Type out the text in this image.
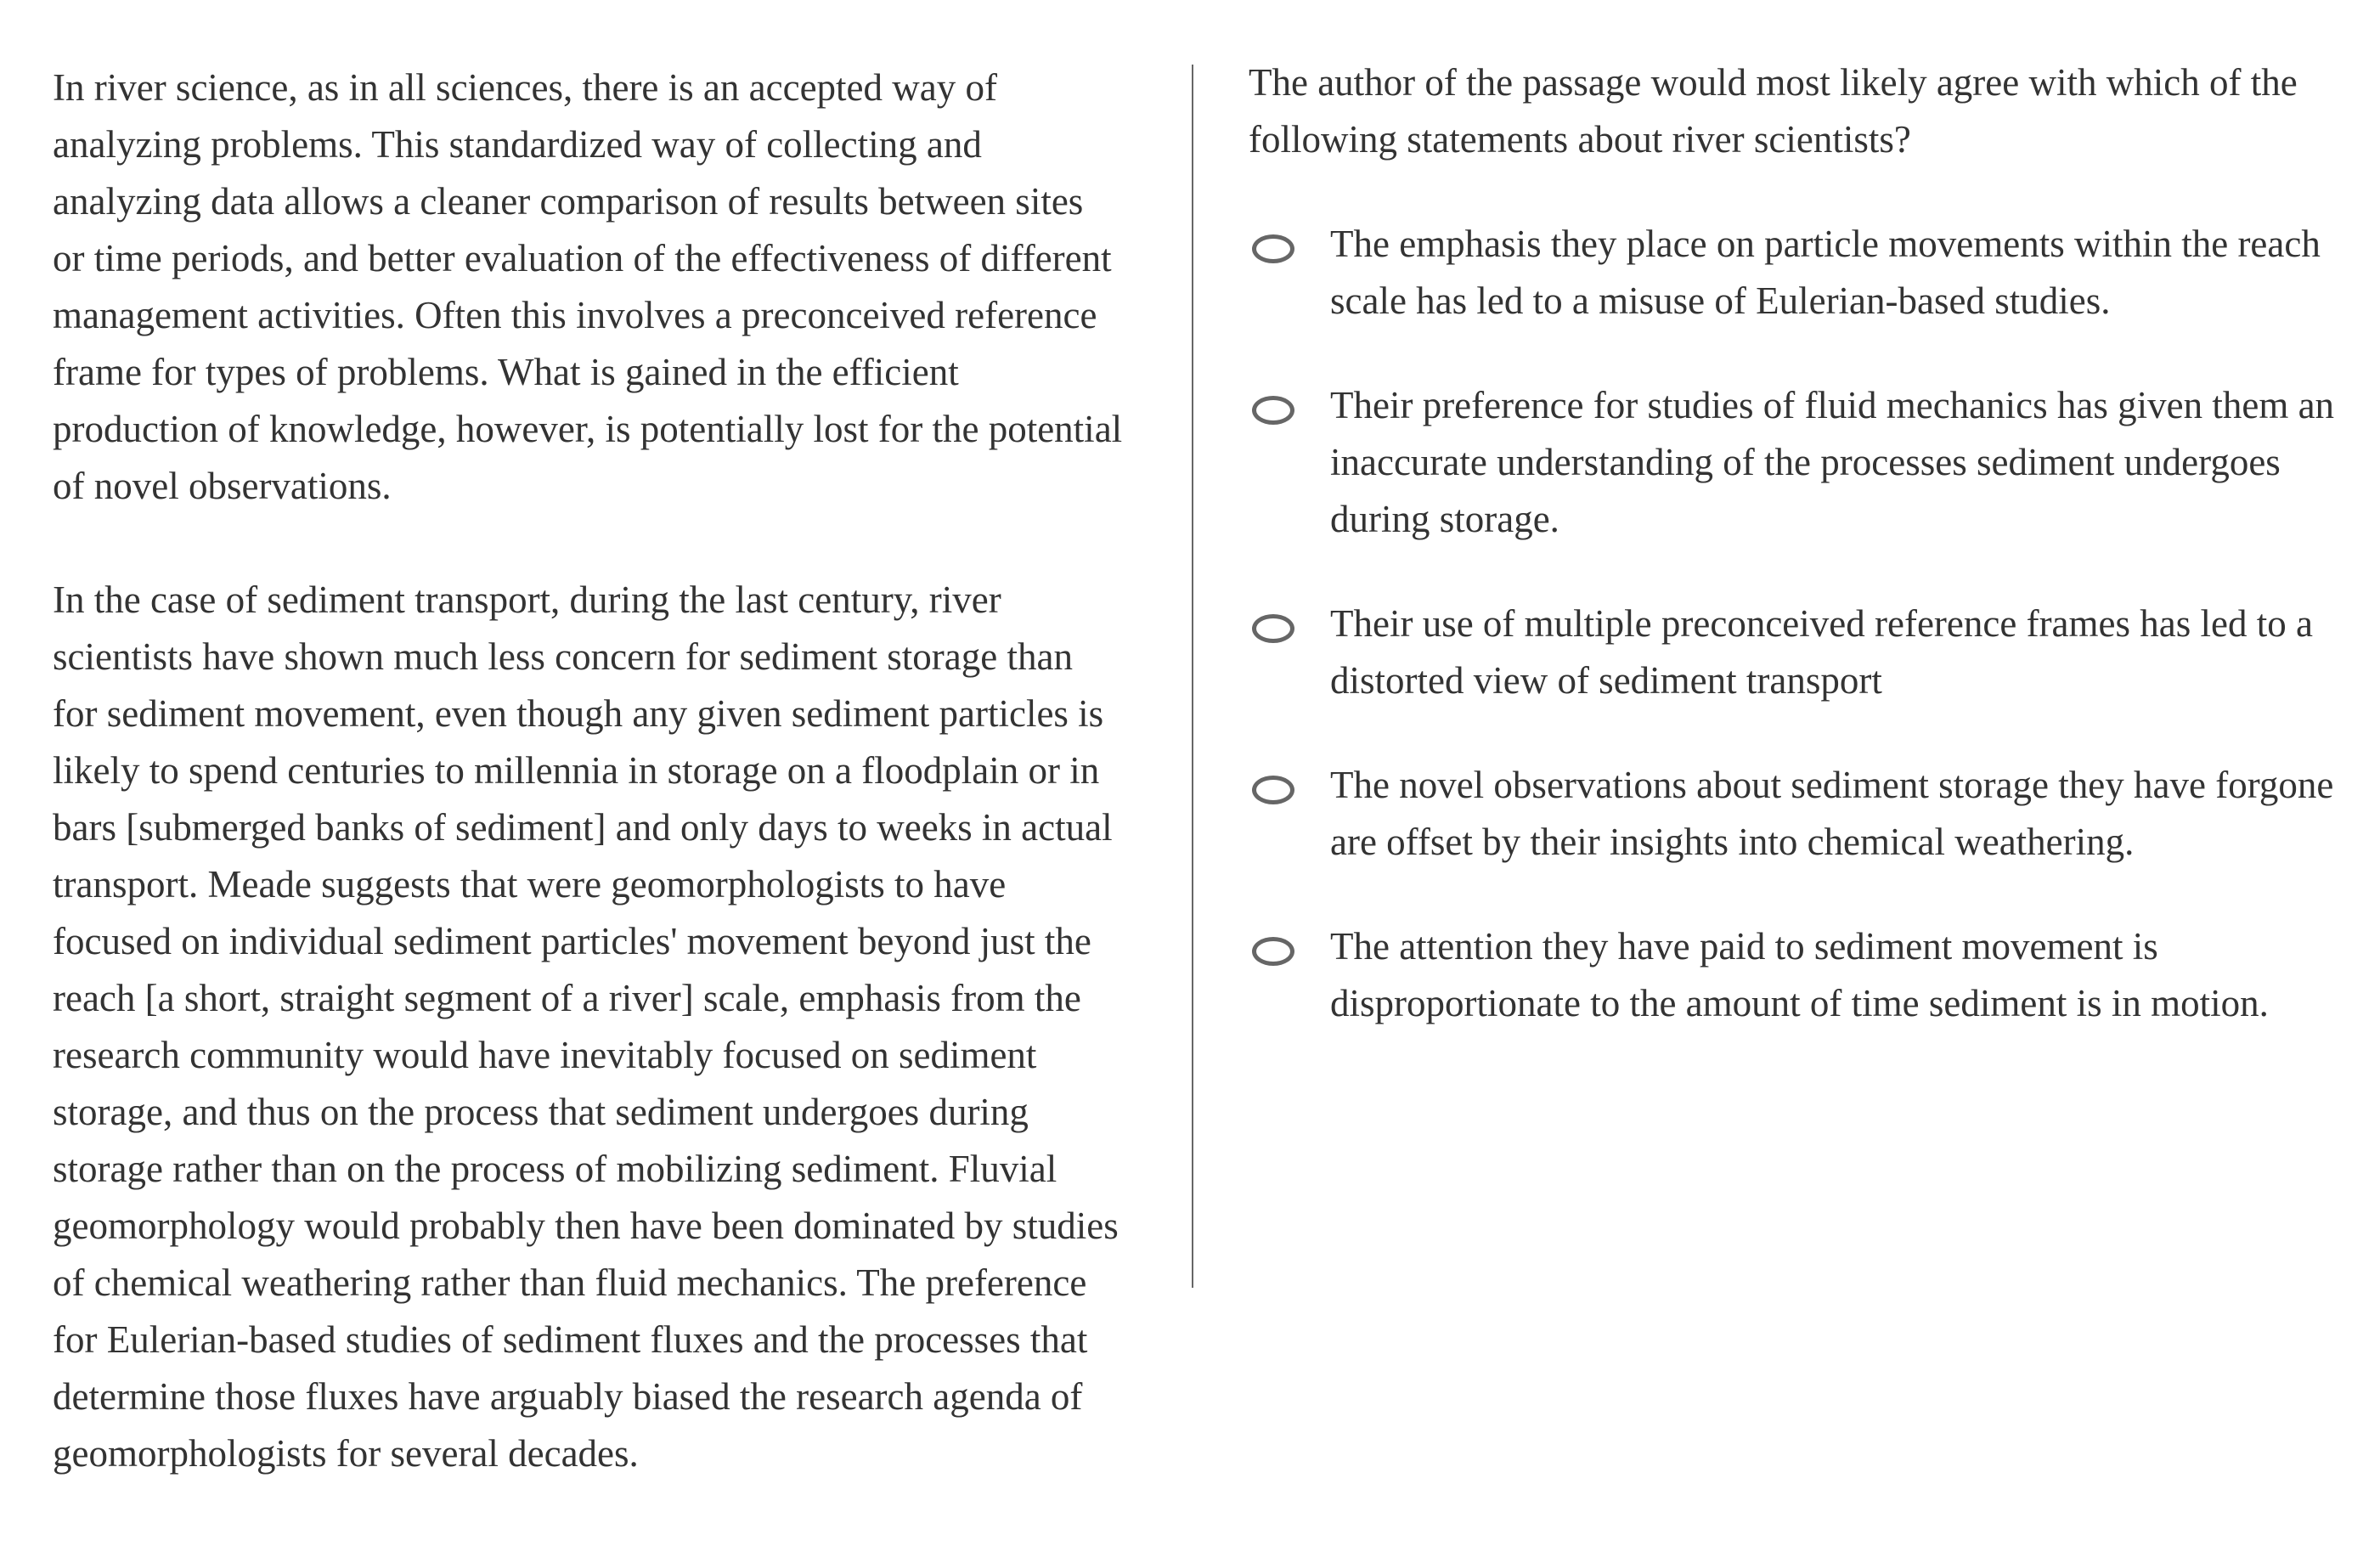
In river science, as in all sciences, there is an accepted way of analyzing problems. This standardized way of collecting and analyzing data allows a cleaner comparison of results between sites or time periods, and better evaluation of the effectiveness of different management activities. Often this involves a preconceived reference frame for types of problems. What is gained in the efficient production of knowledge, however, is potentially lost for the potential of novel observations.

In the case of sediment transport, during the last century, river scientists have shown much less concern for sediment storage than for sediment movement, even though any given sediment particles is likely to spend centuries to millennia in storage on a floodplain or in bars [submerged banks of sediment] and only days to weeks in actual transport. Meade suggests that were geomorphologists to have focused on individual sediment particles' movement beyond just the reach [a short, straight segment of a river] scale, emphasis from the research community would have inevitably focused on sediment storage, and thus on the process that sediment undergoes during storage rather than on the process of mobilizing sediment. Fluvial geomorphology would probably then have been dominated by studies of chemical weathering rather than fluid mechanics. The preference for Eulerian-based studies of sediment fluxes and the processes that determine those fluxes have arguably biased the research agenda of geomorphologists for several decades.

The author of the passage would most likely agree with which of the following statements about river scientists?
The emphasis they place on particle movements within the reach scale has led to a misuse of Eulerian-based studies.
Their preference for studies of fluid mechanics has given them an inaccurate understanding of the processes sediment undergoes during storage.
Their use of multiple preconceived reference frames has led to a distorted view of sediment transport
The novel observations about sediment storage they have forgone are offset by their insights into chemical weathering.
The attention they have paid to sediment movement is disproportionate to the amount of time sediment is in motion.
